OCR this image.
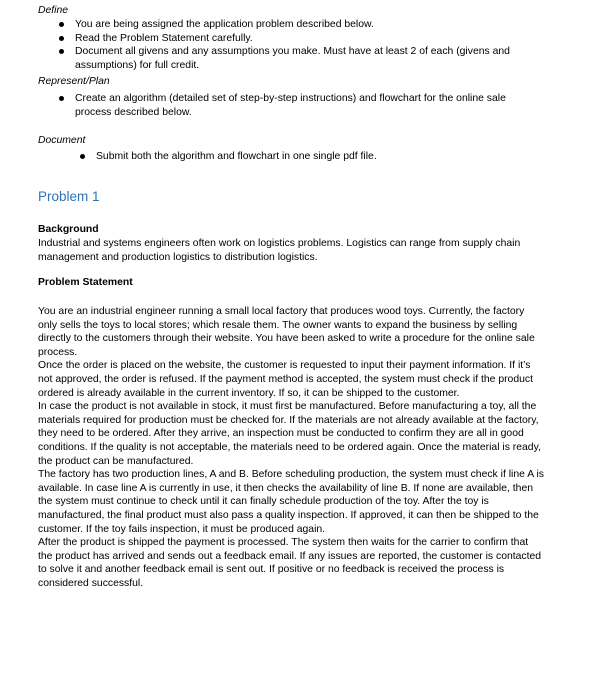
Define
You are being assigned the application problem described below.
Read the Problem Statement carefully.
Document all givens and any assumptions you make. Must have at least 2 of each (givens and assumptions) for full credit.
Represent/Plan
Create an algorithm (detailed set of step-by-step instructions) and flowchart for the online sale process described below.
Document
Submit both the algorithm and flowchart in one single pdf file.
Problem 1
Background

Industrial and systems engineers often work on logistics problems. Logistics can range from supply chain management and production logistics to distribution logistics.

Problem Statement

You are an industrial engineer running a small local factory that produces wood toys. Currently, the factory only sells the toys to local stores; which resale them. The owner wants to expand the business by selling directly to the customers through their website. You have been asked to write a procedure for the online sale process.

Once the order is placed on the website, the customer is requested to input their payment information. If it’s not approved, the order is refused. If the payment method is accepted, the system must check if the product ordered is already available in the current inventory. If so, it can be shipped to the customer.

In case the product is not available in stock, it must first be manufactured. Before manufacturing a toy, all the materials required for production must be checked for. If the materials are not already available at the factory, they need to be ordered. After they arrive, an inspection must be conducted to confirm they are all in good conditions. If the quality is not acceptable, the materials need to be ordered again. Once the material is ready, the product can be manufactured.

The factory has two production lines, A and B. Before scheduling production, the system must check if line A is available. In case line A is currently in use, it then checks the availability of line B. If none are available, then the system must continue to check until it can finally schedule production of the toy. After the toy is manufactured, the final product must also pass a quality inspection. If approved, it can then be shipped to the customer. If the toy fails inspection, it must be produced again.

After the product is shipped the payment is processed. The system then waits for the carrier to confirm that the product has arrived and sends out a feedback email. If any issues are reported, the customer is contacted to solve it and another feedback email is sent out. If positive or no feedback is received the process is considered successful.
